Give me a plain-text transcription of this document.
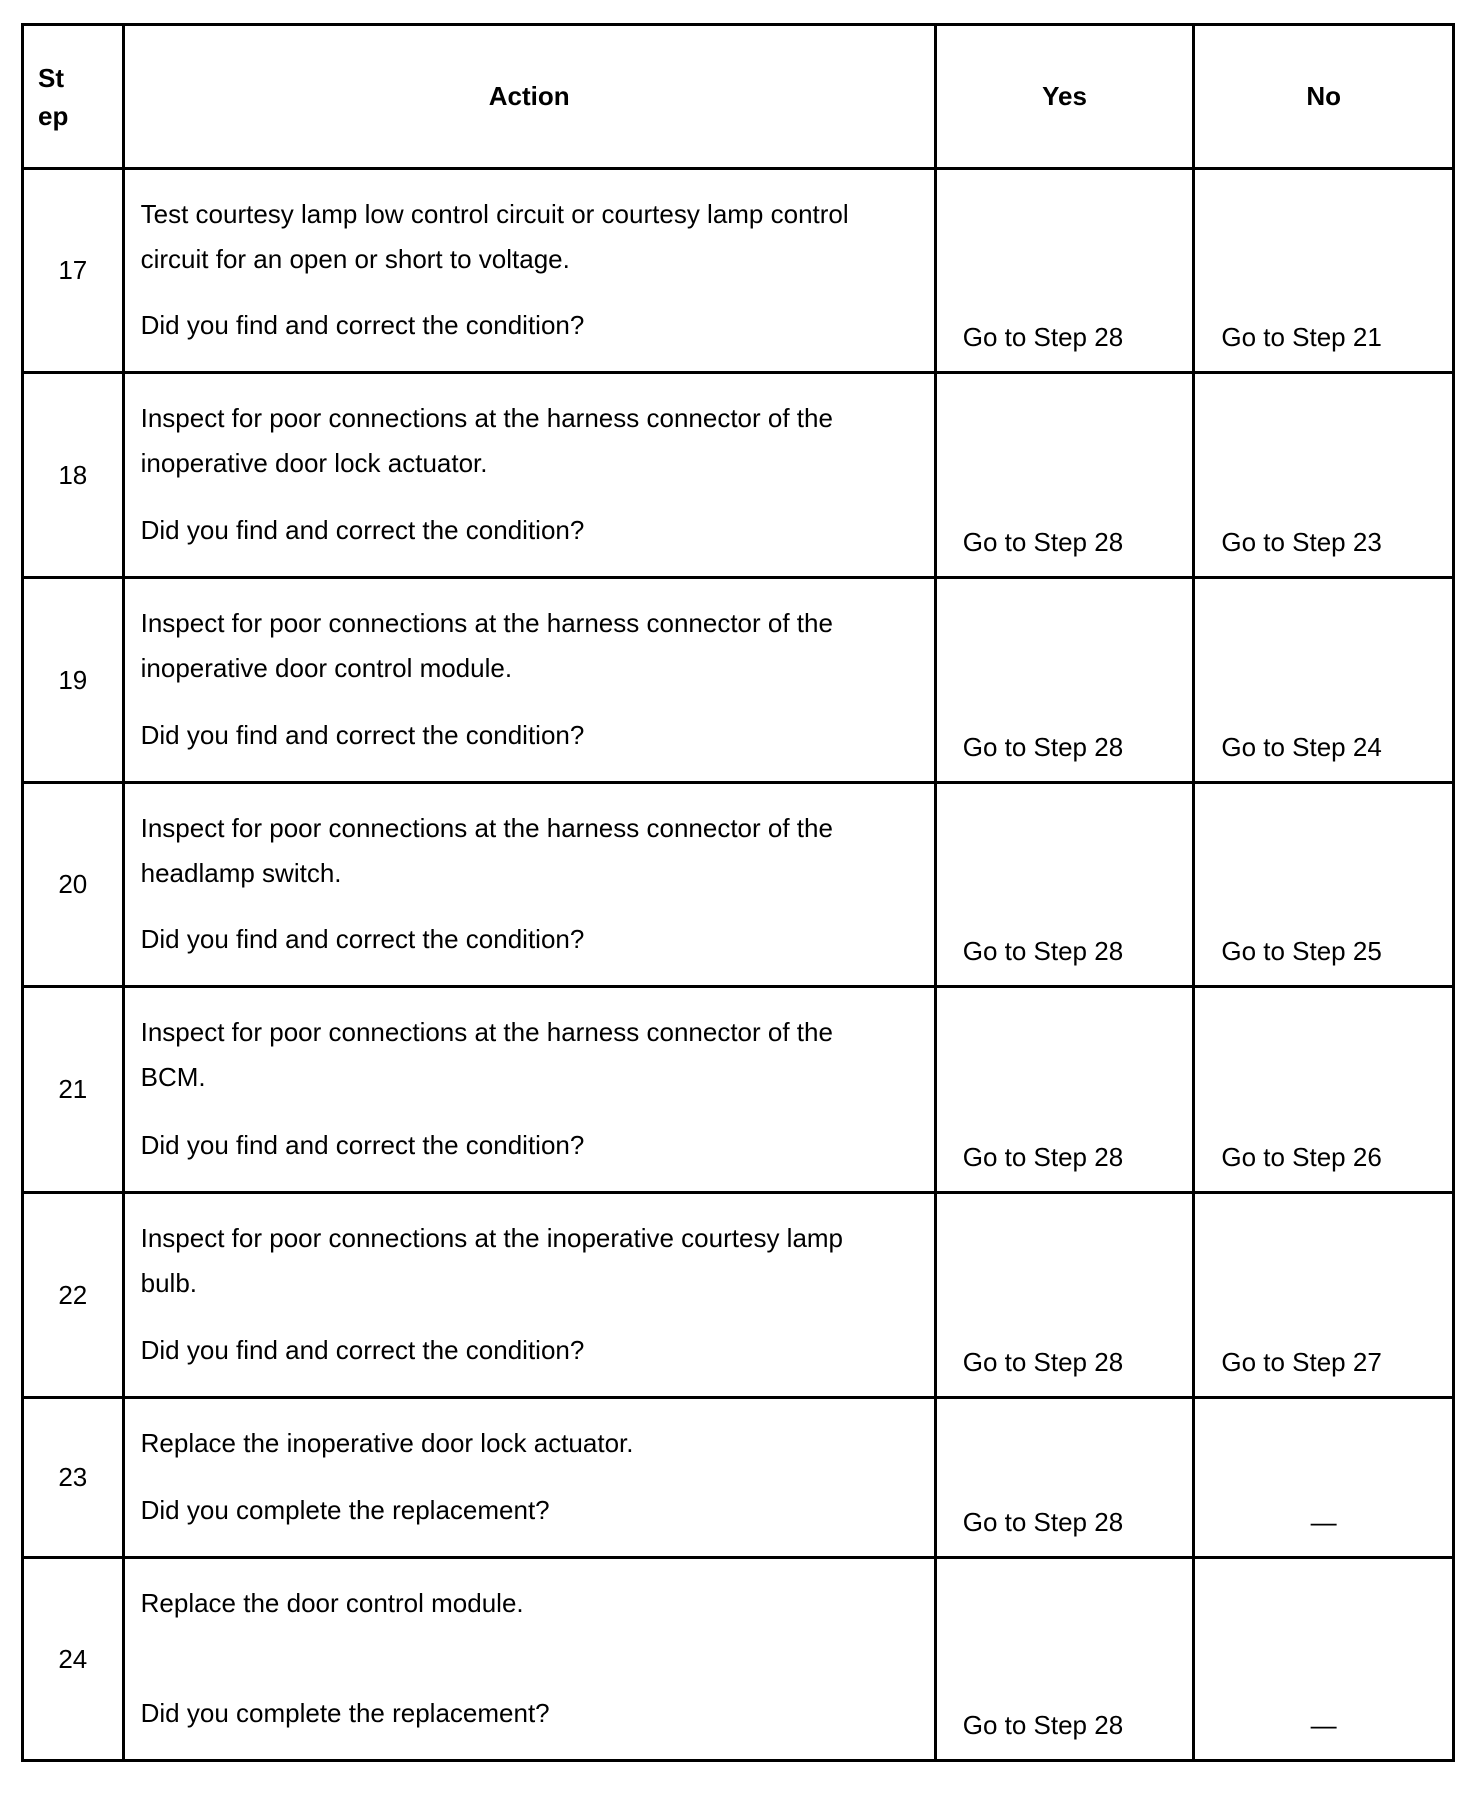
St ep	Action	Yes	No
17	Test courtesy lamp low control circuit or courtesy lamp control circuit for an open or short to voltage.
Did you find and correct the condition?	Go to Step 28	Go to Step 21

18	Inspect for poor connections at the harness connector of the inoperative door lock actuator.
Did you find and correct the condition?	Go to Step 28	Go to Step 23

19	Inspect for poor connections at the harness connector of the inoperative door control module.
Did you find and correct the condition?	Go to Step 28	Go to Step 24

20	Inspect for poor connections at the harness connector of the headlamp switch.
Did you find and correct the condition?	Go to Step 28	Go to Step 25

21	Inspect for poor connections at the harness connector of the BCM.
Did you find and correct the condition?	Go to Step 28	Go to Step 26

22	Inspect for poor connections at the inoperative courtesy lamp bulb.
Did you find and correct the condition?	Go to Step 28	Go to Step 27

23	Replace the inoperative door lock actuator.
Did you complete the replacement?	Go to Step 28	—

24	Replace the door control module.
Did you complete the replacement?	Go to Step 28	—
